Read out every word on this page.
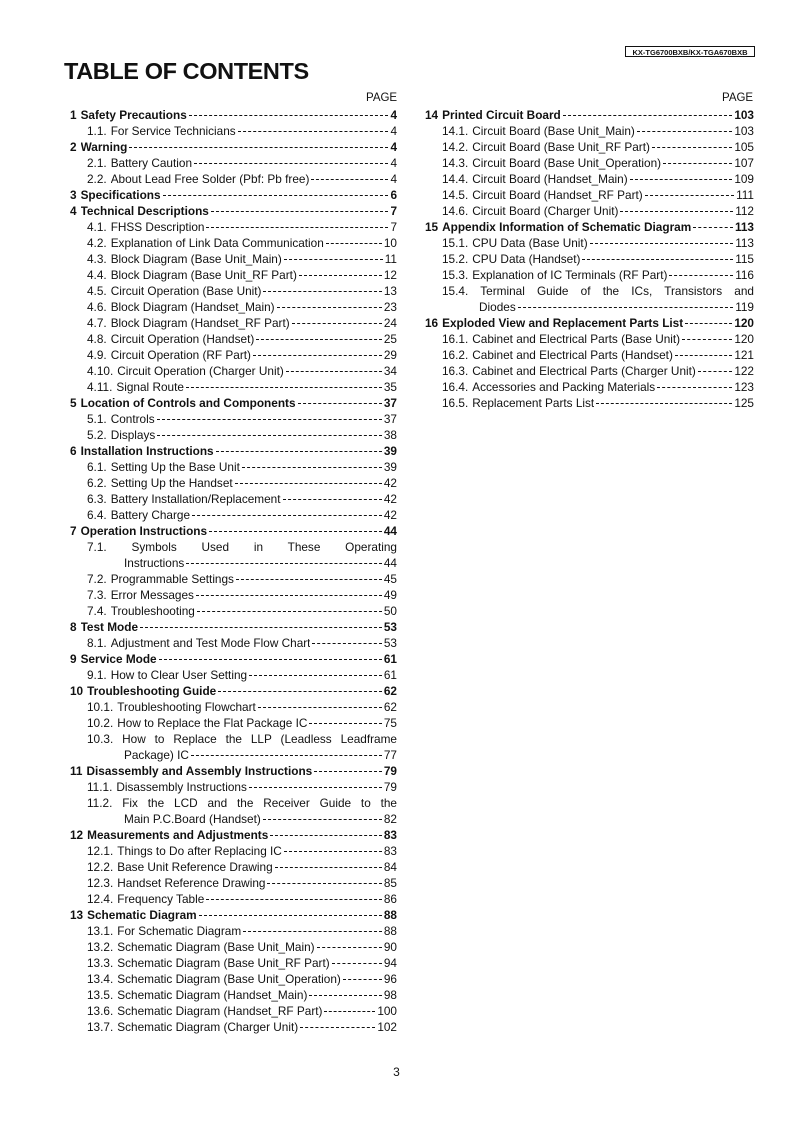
KX-TG6700BXB/KX-TGA670BXB
TABLE OF CONTENTS
PAGE	PAGE
1 Safety Precautions	4
1.1. For Service Technicians	4
2 Warning	4
2.1. Battery Caution	4
2.2. About Lead Free Solder (Pbf: Pb free)	4
3 Specifications	6
4 Technical Descriptions	7
4.1. FHSS Description	7
4.2. Explanation of Link Data Communication	10
4.3. Block Diagram (Base Unit_Main)	11
4.4. Block Diagram (Base Unit_RF Part)	12
4.5. Circuit Operation (Base Unit)	13
4.6. Block Diagram (Handset_Main)	23
4.7. Block Diagram (Handset_RF Part)	24
4.8. Circuit Operation (Handset)	25
4.9. Circuit Operation (RF Part)	29
4.10. Circuit Operation (Charger Unit)	34
4.11. Signal Route	35
5 Location of Controls and Components	37
5.1. Controls	37
5.2. Displays	38
6 Installation Instructions	39
6.1. Setting Up the Base Unit	39
6.2. Setting Up the Handset	42
6.3. Battery Installation/Replacement	42
6.4. Battery Charge	42
7 Operation Instructions	44
7.1. Symbols Used in These Operating
Instructions	44
7.2. Programmable Settings	45
7.3. Error Messages	49
7.4. Troubleshooting	50
8 Test Mode	53
8.1. Adjustment and Test Mode Flow Chart	53
9 Service Mode	61
9.1. How to Clear User Setting	61
10 Troubleshooting Guide	62
10.1. Troubleshooting Flowchart	62
10.2. How to Replace the Flat Package IC	75
10.3. How to Replace the LLP (Leadless Leadframe
Package) IC	77
11 Disassembly and Assembly Instructions	79
11.1. Disassembly Instructions	79
11.2. Fix the LCD and the Receiver Guide to the
Main P.C.Board (Handset)	82
12 Measurements and Adjustments	83
12.1. Things to Do after Replacing IC	83
12.2. Base Unit Reference Drawing	84
12.3. Handset Reference Drawing	85
12.4. Frequency Table	86
13 Schematic Diagram	88
13.1. For Schematic Diagram	88
13.2. Schematic Diagram (Base Unit_Main)	90
13.3. Schematic Diagram (Base Unit_RF Part)	94
13.4. Schematic Diagram (Base Unit_Operation)	96
13.5. Schematic Diagram (Handset_Main)	98
13.6. Schematic Diagram (Handset_RF Part)	100
13.7. Schematic Diagram (Charger Unit)	102
14 Printed Circuit Board	103
14.1. Circuit Board (Base Unit_Main)	103
14.2. Circuit Board (Base Unit_RF Part)	105
14.3. Circuit Board (Base Unit_Operation)	107
14.4. Circuit Board (Handset_Main)	109
14.5. Circuit Board (Handset_RF Part)	111
14.6. Circuit Board (Charger Unit)	112
15 Appendix Information of Schematic Diagram	113
15.1. CPU Data (Base Unit)	113
15.2. CPU Data (Handset)	115
15.3. Explanation of IC Terminals (RF Part)	116
15.4. Terminal Guide of the ICs, Transistors and
Diodes	119
16 Exploded View and Replacement Parts List	120
16.1. Cabinet and Electrical Parts (Base Unit)	120
16.2. Cabinet and Electrical Parts (Handset)	121
16.3. Cabinet and Electrical Parts (Charger Unit)	122
16.4. Accessories and Packing Materials	123
16.5. Replacement Parts List	125
3
